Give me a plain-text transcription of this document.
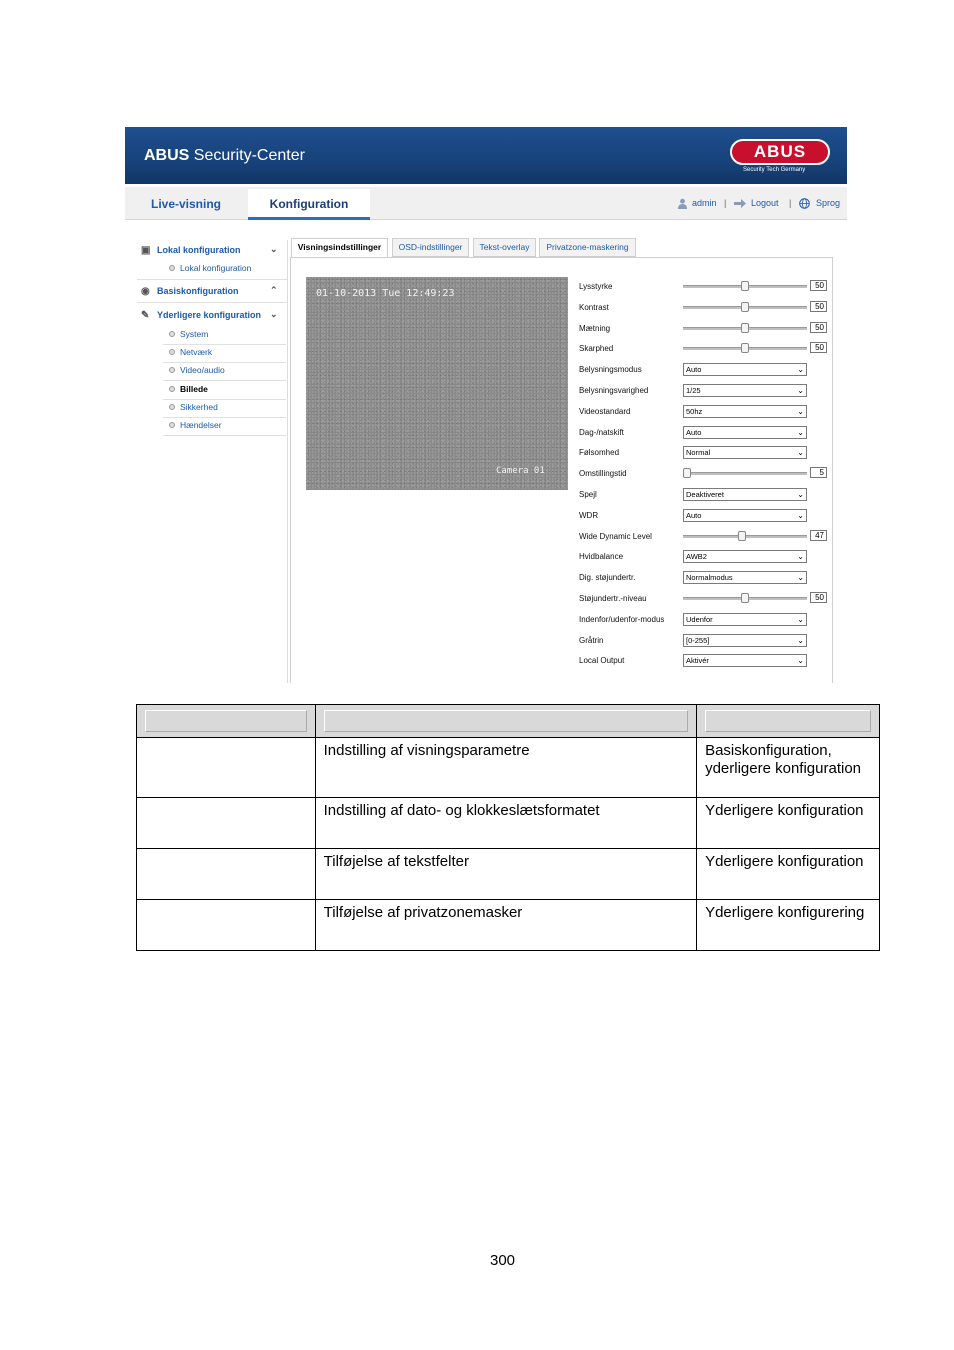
ABUS Security-Center	ABUS
Security Tech Germany
Live-visning	Konfiguration	admin |	Logout |	Sprog
▣ Lokal konfiguration	⌄
Lokal konfiguration
◉ Basiskonfiguration	⌃
✎ Yderligere konfiguration ⌄
System
Netværk
Video/audio
Billede
Sikkerhed
Hændelser
Visningsindstillinger	OSD-indstillinger	Tekst-overlay	Privatzone-maskering
01-10-2013 Tue 12:49:23
Camera 01
Lysstyrke	50
Kontrast	50
Mætning	50
Skarphed	50
Belysningsmodus	Auto	⌄
Belysningsvarighed	1/25	⌄
Videostandard	50hz	⌄
Dag-/natskift	Auto	⌄
Følsomhed	Normal	⌄
Omstillingstid	5
Spejl	Deaktiveret	⌄
WDR	Auto	⌄
Wide Dynamic Level	47
Hvidbalance	AWB2	⌄
Dig. støjundertr.	Normalmodus	⌄
Støjundertr.-niveau	50
Indenfor/udenfor-modus	Udenfor	⌄
Gråtrin	[0-255]	⌄
Local Output	Aktivér	⌄

	Indstilling af visningsparametre	Basiskonfiguration, yderligere konfiguration
	Indstilling af dato- og klokkeslætsformatet	Yderligere konfiguration
	Tilføjelse af tekstfelter	Yderligere konfiguration
	Tilføjelse af privatzonemasker	Yderligere konfigurering
300
